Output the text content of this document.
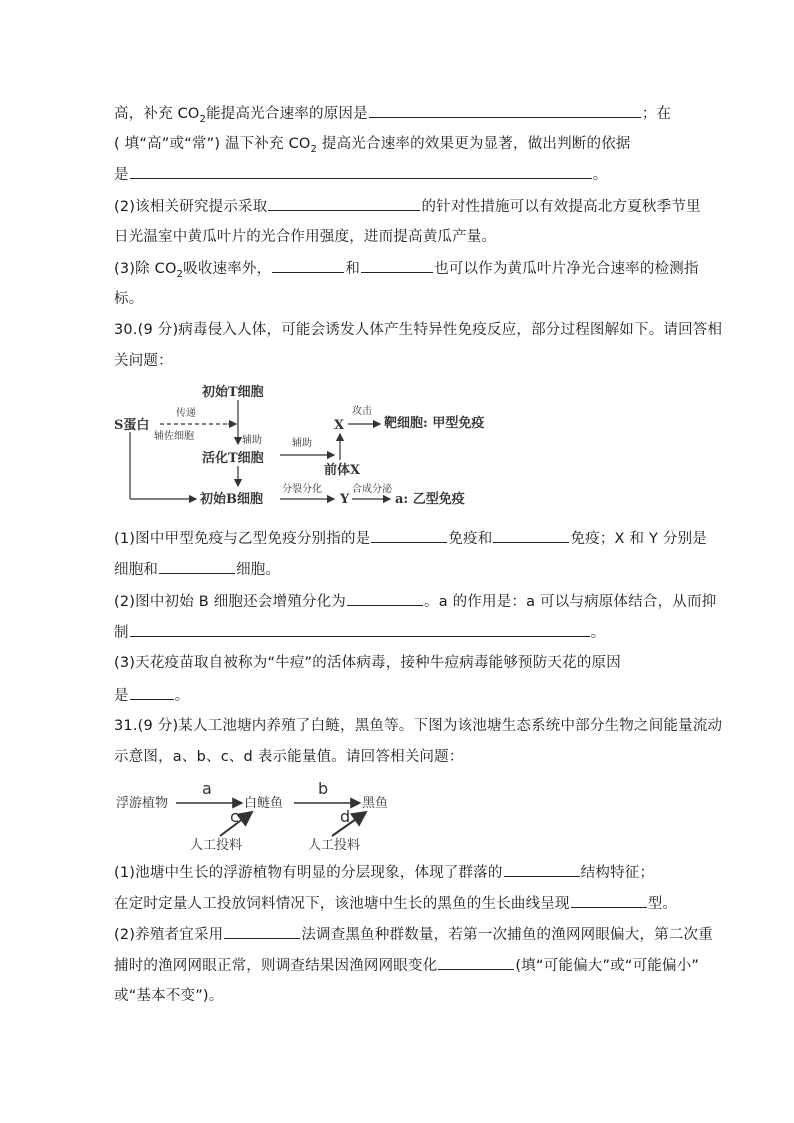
高，补充 $CO_2$能提高光合速率的原因是	；在
( 填“高”或“常”) 温下补充 $CO_2$ 提高光合速率的效果更为显著，做出判断的依据
是	。
(2)该相关研究提示采取	的针对性措施可以有效提高北方夏秋季节里
日光温室中黄瓜叶片的光合作用强度，进而提高黄瓜产量。
(3)除 $CO_2$吸收速率外，	和	也可以作为黄瓜叶片净光合速率的检测指
标。
30.(9 分)病毒侵入人体，可能会诱发人体产生特异性免疫反应，部分过程图解如下。请回答相
关问题：
初始T细胞
S蛋白
活化T细胞
初始B细胞
前体X
X
Y
靶细胞: 甲型免疫
a: 乙型免疫
传递
辅佐细胞	辅助	辅助
攻击
分裂分化	合成分泌
(1)图中甲型免疫与乙型免疫分别指的是	免疫和	免疫；X 和 Y 分别是
细胞和	细胞。
(2)图中初始 B 细胞还会增殖分化为	。a 的作用是：a 可以与病原体结合，从而抑
制	。
(3)天花疫苗取自被称为“牛痘”的活体病毒，接种牛痘病毒能够预防天花的原因
是	。
31.(9 分)某人工池塘内养殖了白鲢，黑鱼等。下图为该池塘生态系统中部分生物之间能量流动
示意图，a、b、c、d 表示能量值。请回答相关问题：
浮游植物	白鲢鱼	黑鱼
人工投料	人工投料
a	b
c	d
(1)池塘中生长的浮游植物有明显的分层现象，体现了群落的	结构特征；
在定时定量人工投放饲料情况下，该池塘中生长的黑鱼的生长曲线呈现	型。
(2)养殖者宜采用	法调查黑鱼种群数量，若第一次捕鱼的渔网网眼偏大，第二次重
捕时的渔网网眼正常，则调查结果因渔网网眼变化	(填“可能偏大”或“可能偏小”
或“基本不变”)。
